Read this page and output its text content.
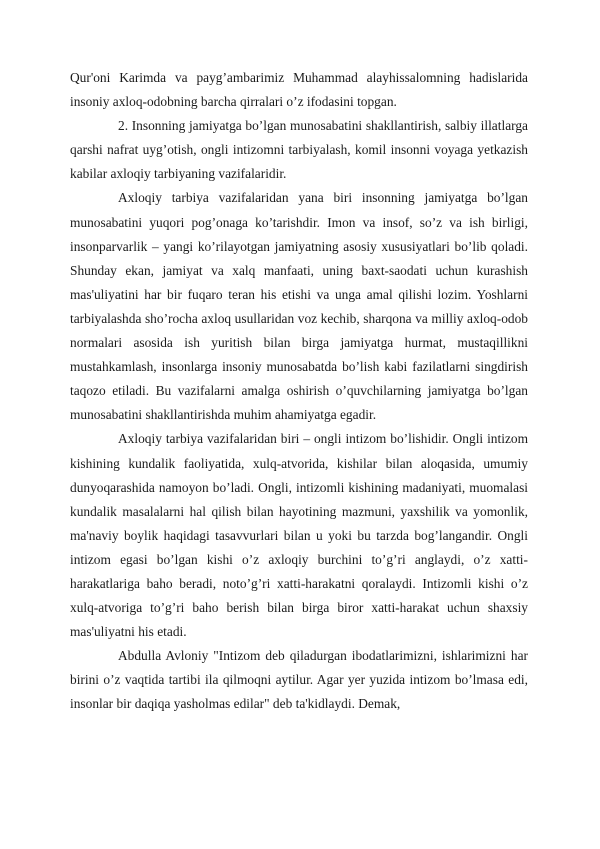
Qur'oni Karimda va payg’ambarimiz Muhammad alayhissalomning hadislarida insoniy axloq-odobning barcha qirralari o’z ifodasini topgan.

2. Insonning jamiyatga bo’lgan munosabatini shakllantirish, salbiy illatlarga qarshi nafrat uyg’otish, ongli intizomni tarbiyalash, komil insonni voyaga yetkazish kabilar axloqiy tarbiyaning vazifalaridir.

Axloqiy tarbiya vazifalaridan yana biri insonning jamiyatga bo’lgan munosabatini yuqori pog’onaga ko’tarishdir. Imon va insof, so’z va ish birligi, insonparvarlik – yangi ko’rilayotgan jamiyatning asosiy xususiyatlari bo’lib qoladi. Shunday ekan, jamiyat va xalq manfaati, uning baxt-saodati uchun kurashish mas'uliyatini har bir fuqaro teran his etishi va unga amal qilishi lozim. Yoshlarni tarbiyalashda sho’rocha axloq usullaridan voz kechib, sharqona va milliy axloq-odob normalari asosida ish yuritish bilan birga jamiyatga hurmat, mustaqillikni mustahkamlash, insonlarga insoniy munosabatda bo’lish kabi fazilatlarni singdirish taqozo etiladi. Bu vazifalarni amalga oshirish o’quvchilarning jamiyatga bo’lgan munosabatini shakllantirishda muhim ahamiyatga egadir.

Axloqiy tarbiya vazifalaridan biri – ongli intizom bo’lishidir. Ongli intizom kishining kundalik faoliyatida, xulq-atvorida, kishilar bilan aloqasida, umumiy dunyoqarashida namoyon bo’ladi. Ongli, intizomli kishining madaniyati, muomalasi kundalik masalalarni hal qilish bilan hayotining mazmuni, yaxshilik va yomonlik, ma'naviy boylik haqidagi tasavvurlari bilan u yoki bu tarzda bog’langandir. Ongli intizom egasi bo’lgan kishi o’z axloqiy burchini to’g’ri anglaydi, o’z xatti-harakatlariga baho beradi, noto’g’ri xatti-harakatni qoralaydi. Intizomli kishi o’z xulq-atvoriga to’g’ri baho berish bilan birga biror xatti-harakat uchun shaxsiy mas'uliyatni his etadi.

Abdulla Avloniy "Intizom deb qiladurgan ibodatlarimizni, ishlarimizni har birini o’z vaqtida tartibi ila qilmoqni aytilur. Agar yer yuzida intizom bo’lmasa edi, insonlar bir daqiqa yasholmas edilar" deb ta'kidlaydi. Demak,
